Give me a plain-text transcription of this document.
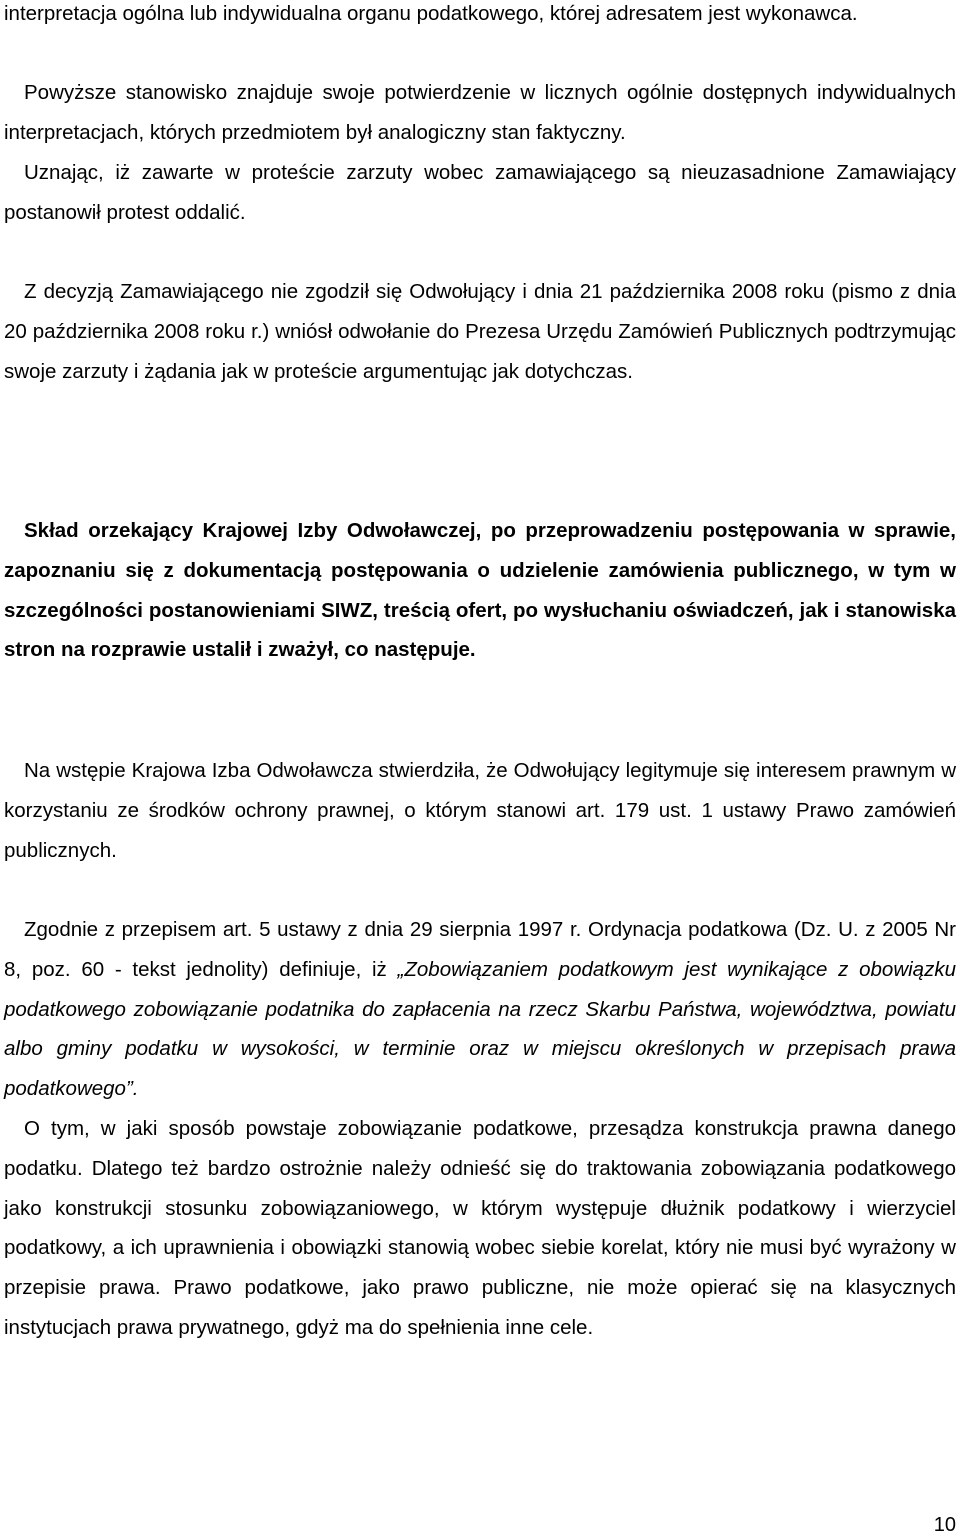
interpretacja ogólna lub indywidualna organu podatkowego, której adresatem jest wykonawca.

Powyższe stanowisko znajduje swoje potwierdzenie w licznych ogólnie dostępnych indywidualnych interpretacjach, których przedmiotem był analogiczny stan faktyczny.

Uznając, iż zawarte w proteście zarzuty wobec zamawiającego są nieuzasadnione Zamawiający postanowił protest oddalić.

Z decyzją Zamawiającego nie zgodził się Odwołujący i dnia 21 października 2008 roku (pismo z dnia 20 października 2008 roku r.) wniósł odwołanie do Prezesa Urzędu Zamówień Publicznych podtrzymując swoje zarzuty i żądania jak w proteście argumentując jak dotychczas.

Skład orzekający Krajowej Izby Odwoławczej, po przeprowadzeniu postępowania w sprawie, zapoznaniu się z dokumentacją postępowania o udzielenie zamówienia publicznego, w tym w szczególności postanowieniami SIWZ, treścią ofert, po wysłuchaniu oświadczeń, jak i stanowiska stron na rozprawie ustalił i zważył, co następuje.

Na wstępie Krajowa Izba Odwoławcza stwierdziła, że Odwołujący legitymuje się interesem prawnym w korzystaniu ze środków ochrony prawnej, o którym stanowi art. 179 ust. 1 ustawy Prawo zamówień publicznych.

Zgodnie z przepisem art. 5 ustawy z dnia 29 sierpnia 1997 r. Ordynacja podatkowa (Dz. U. z 2005 Nr 8, poz. 60 - tekst jednolity) definiuje, iż „Zobowiązaniem podatkowym jest wynikające z obowiązku podatkowego zobowiązanie podatnika do zapłacenia na rzecz Skarbu Państwa, województwa, powiatu albo gminy podatku w wysokości, w terminie oraz w miejscu określonych w przepisach prawa podatkowego”.

O tym, w jaki sposób powstaje zobowiązanie podatkowe, przesądza konstrukcja prawna danego podatku. Dlatego też bardzo ostrożnie należy odnieść się do traktowania zobowiązania podatkowego jako konstrukcji stosunku zobowiązaniowego, w którym występuje dłużnik podatkowy i wierzyciel podatkowy, a ich uprawnienia i obowiązki stanowią wobec siebie korelat, który nie musi być wyrażony w przepisie prawa. Prawo podatkowe, jako prawo publiczne, nie może opierać się na klasycznych instytucjach prawa prywatnego, gdyż ma do spełnienia inne cele.

10
